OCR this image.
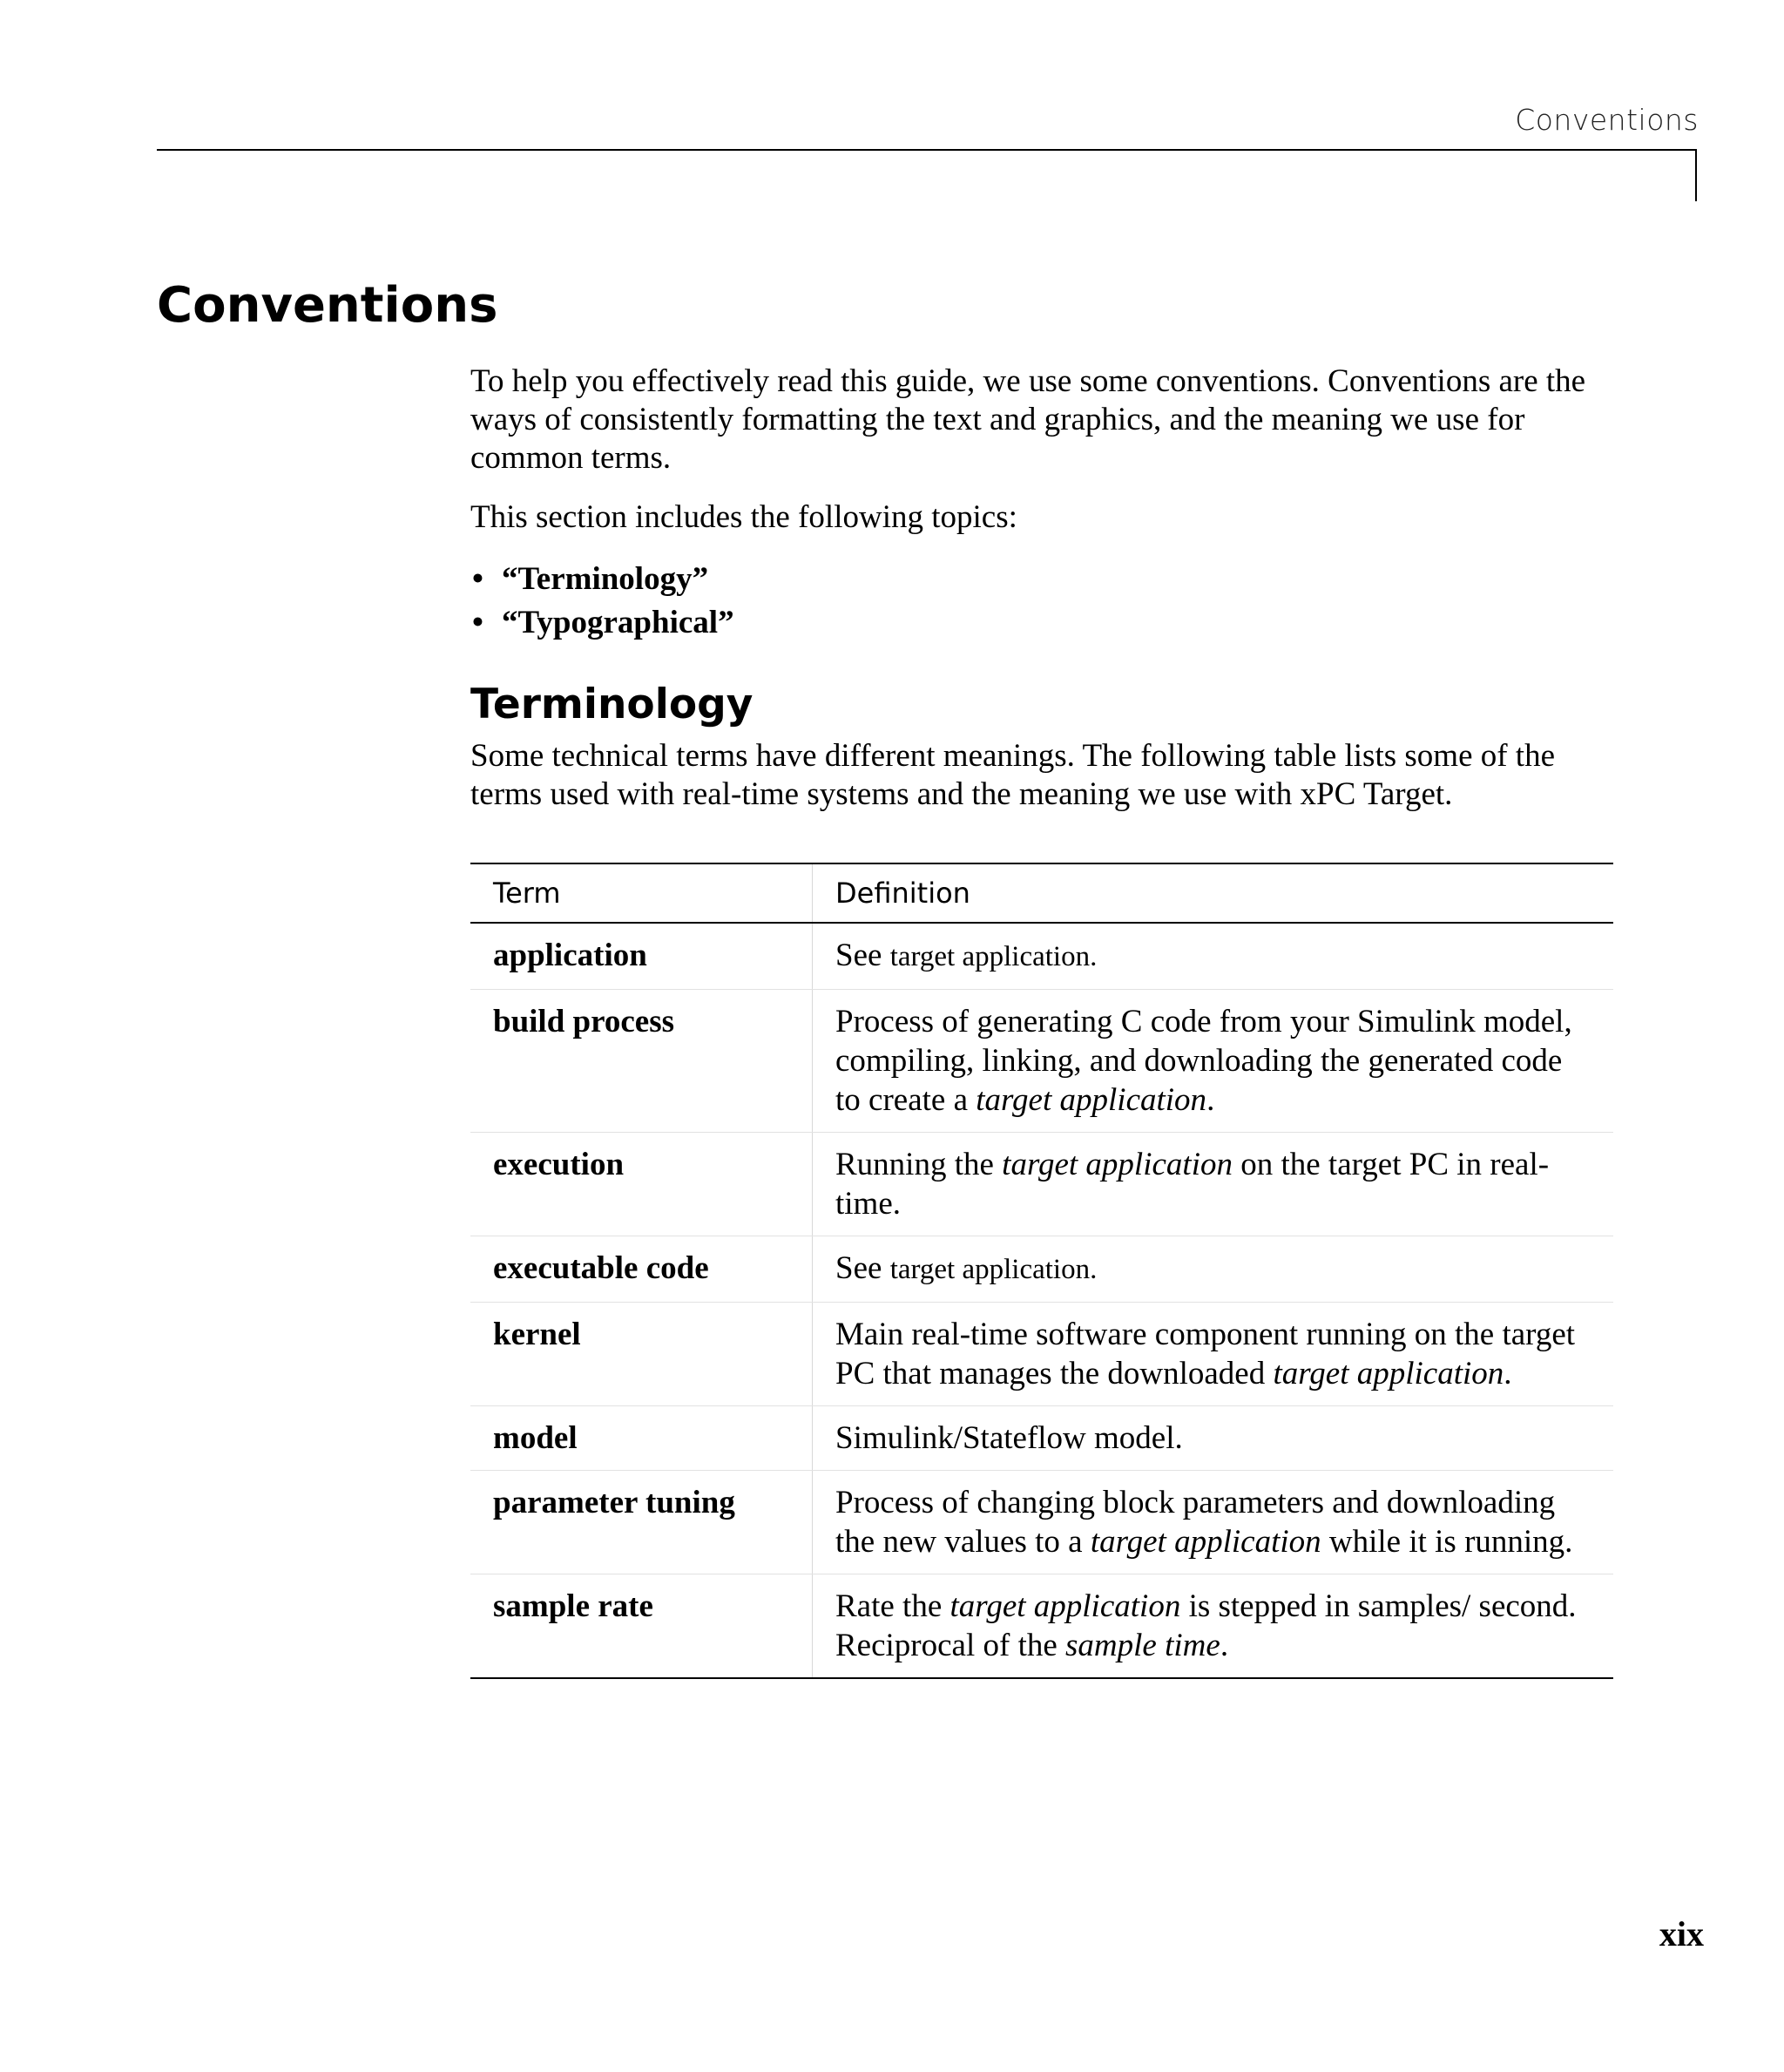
Conventions
Conventions

To help you effectively read this guide, we use some conventions. Conventions are the ways of consistently formatting the text and graphics, and the meaning we use for common terms.

This section includes the following topics:

• “Terminology”
• “Typographical”
Terminology

Some technical terms have different meanings. The following table lists some of the terms used with real-time systems and the meaning we use with xPC Target.

Term	Definition
application	See target application.
build process	Process of generating C code from your Simulink model, compiling, linking, and downloading the generated code to create a target application.
execution	Running the target application on the target PC in real-time.
executable code	See target application.
kernel	Main real-time software component running on the target PC that manages the downloaded target application.
model	Simulink/Stateflow model.
parameter tuning	Process of changing block parameters and downloading the new values to a target application while it is running.
sample rate	Rate the target application is stepped in samples/ second. Reciprocal of the sample time.
xix
